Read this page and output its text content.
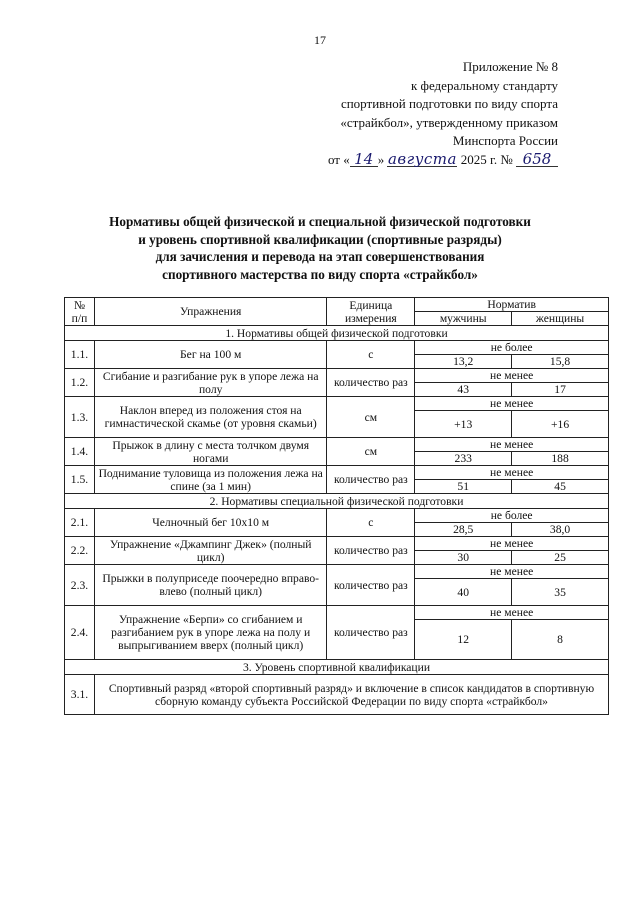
17
Приложение № 8
к федеральному стандарту
спортивной подготовки по виду спорта
«страйкбол», утвержденному приказом
Минспорта России
от « 14 » августа 2025 г. № 658
Нормативы общей физической и специальной физической подготовки
и уровень спортивной квалификации (спортивные разряды)
для зачисления и перевода на этап совершенствования
спортивного мастерства по виду спорта «страйкбол»
№ п/п	Упражнения	Единица измерения	Норматив	
			мужчины	женщины
1. Нормативы общей физической подготовки				
1.1.	Бег на 100 м	с	не более	
			13,2	15,8
1.2.	Сгибание и разгибание рук в упоре лежа на полу	количество раз	не менее	
			43	17
1.3.	Наклон вперед из положения стоя на гимнастической скамье (от уровня скамьи)	см	не менее	
			+13	+16
1.4.	Прыжок в длину с места толчком двумя ногами	см	не менее	
			233	188
1.5.	Поднимание туловища из положения лежа на спине (за 1 мин)	количество раз	не менее	
			51	45
2. Нормативы специальной физической подготовки				
2.1.	Челночный бег 10х10 м	с	не более	
			28,5	38,0
2.2.	Упражнение «Джампинг Джек» (полный цикл)	количество раз	не менее	
			30	25
2.3.	Прыжки в полуприседе поочередно вправо-влево (полный цикл)	количество раз	не менее	
			40	35
2.4.	Упражнение «Берпи» со сгибанием и разгибанием рук в упоре лежа на полу и выпрыгиванием вверх (полный цикл)	количество раз	не менее	
			12	8
3. Уровень спортивной квалификации				
3.1.	Спортивный разряд «второй спортивный разряд» и включение в список кандидатов в спортивную сборную команду субъекта Российской Федерации по виду спорта «страйкбол»			
